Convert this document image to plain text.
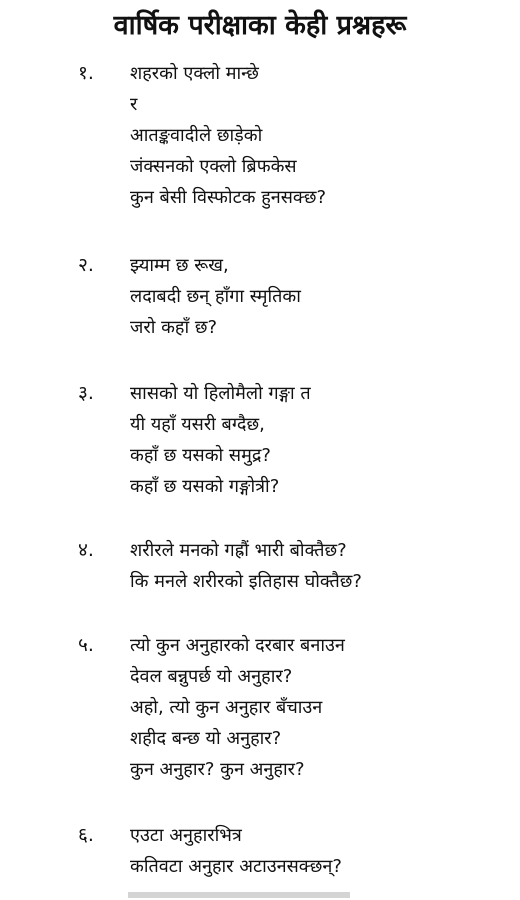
वार्षिक परीक्षाका केही प्रश्नहरू
१. शहरको एक्लो मान्छे
र
आतङ्कवादीले छाड़ेको
जंक्सनको एक्लो ब्रिफकेस
कुन बेसी विस्फोटक हुनसक्छ?
२. झ्याम्म छ रूख,
लदाबदी छन् हाँगा स्मृतिका
जरो कहाँ छ?
३. सासको यो हिलोमैलो गङ्गा त
यी यहाँ यसरी बग्दैछ,
कहाँ छ यसको समुद्र?
कहाँ छ यसको गङ्गोत्री?
४. शरीरले मनको गह्रौं भारी बोक्तैछ?
कि मनले शरीरको इतिहास घोक्तैछ?
५. त्यो कुन अनुहारको दरबार बनाउन
देवल बन्नुपर्छ यो अनुहार?
अहो, त्यो कुन अनुहार बँचाउन
शहीद बन्छ यो अनुहार?
कुन अनुहार? कुन अनुहार?
६. एउटा अनुहारभित्र
कतिवटा अनुहार अटाउनसक्छन्?
